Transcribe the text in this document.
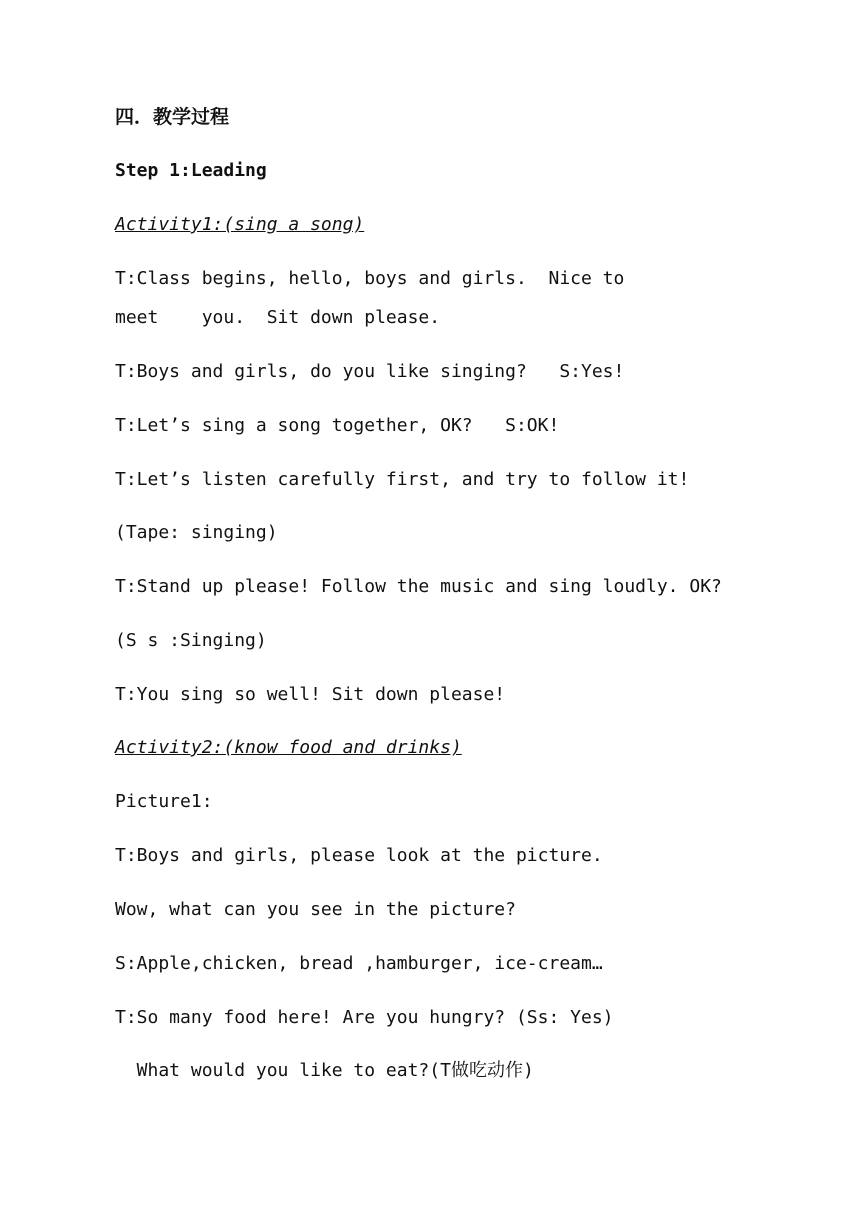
四．教学过程

Step 1:Leading

Activity1:(sing a song)

T:Class begins, hello, boys and girls.  Nice to

meet    you.  Sit down please.

T:Boys and girls, do you like singing?   S:Yes!

T:Let’s sing a song together, OK?   S:OK!

T:Let’s listen carefully first, and try to follow it!

(Tape: singing)

T:Stand up please! Follow the music and sing loudly. OK?

(S s :Singing)

T:You sing so well! Sit down please!

Activity2:(know food and drinks)

Picture1:

T:Boys and girls, please look at the picture.

Wow, what can you see in the picture?

S:Apple,chicken, bread ,hamburger, ice-cream…

T:So many food here! Are you hungry? (Ss: Yes)

What would you like to eat?(T做吃动作)
